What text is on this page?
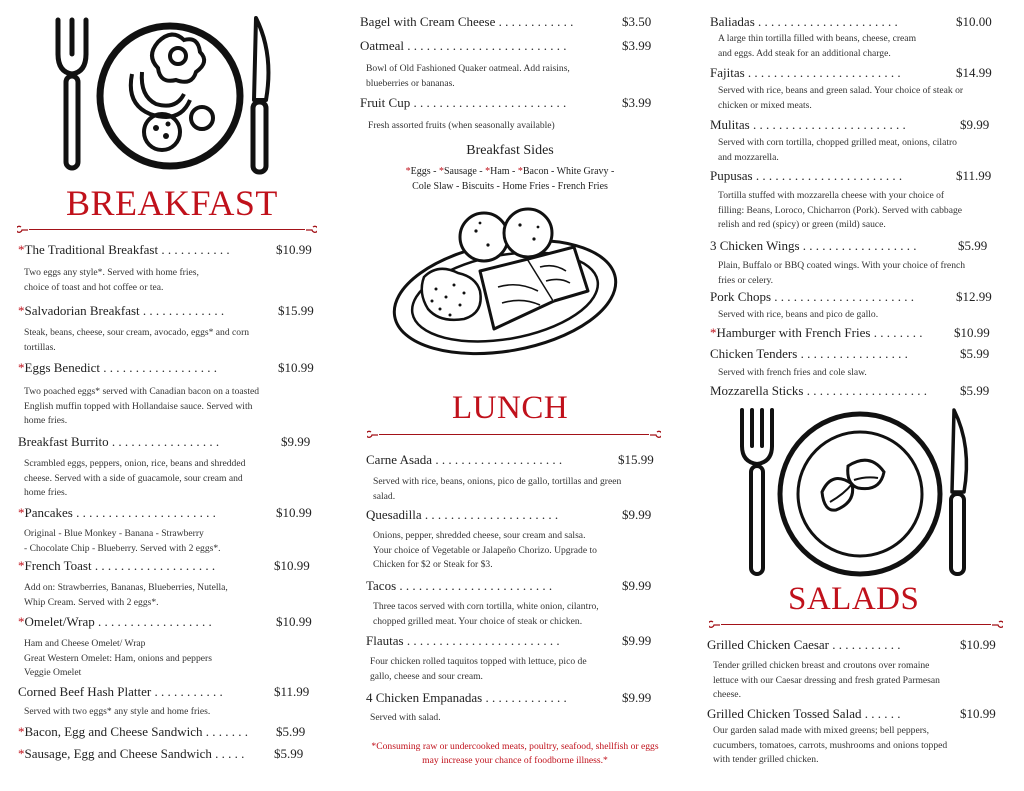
BREAKFAST
*The Traditional Breakfast . . . . . . . . . . .	$10.99
Two eggs any style*. Served with home fries,
choice of toast and hot coffee or tea.
*Salvadorian Breakfast . . . . . . . . . . . . .	$15.99
Steak, beans, cheese, sour cream, avocado, eggs* and corn
tortillas.
*Eggs Benedict . . . . . . . . . . . . . . . . . .	$10.99
Two poached eggs* served with Canadian bacon on a toasted
English muffin topped with Hollandaise sauce. Served with
home fries.
Breakfast Burrito . . . . . . . . . . . . . . . . .	$9.99
Scrambled eggs, peppers, onion, rice, beans and shredded
cheese. Served with a side of guacamole, sour cream and
home fries.
*Pancakes . . . . . . . . . . . . . . . . . . . . . .	$10.99
Original - Blue Monkey - Banana - Strawberry
- Chocolate Chip - Blueberry. Served with 2 eggs*.
*French Toast . . . . . . . . . . . . . . . . . . .	$10.99
Add on: Strawberries, Bananas, Blueberries, Nutella,
Whip Cream. Served with 2 eggs*.
*Omelet/Wrap . . . . . . . . . . . . . . . . . .	$10.99
Ham and Cheese Omelet/ Wrap
Great Western Omelet: Ham, onions and peppers
Veggie Omelet
Corned Beef Hash Platter . . . . . . . . . . .	$11.99
Served with two eggs* any style and home fries.
*Bacon, Egg and Cheese Sandwich . . . . . . . $5.99
*Sausage, Egg and Cheese Sandwich . . . . . $5.99
Bagel with Cream Cheese . . . . . . . . . . . .	$3.50
Oatmeal . . . . . . . . . . . . . . . . . . . . . . . . .	$3.99
Bowl of Old Fashioned Quaker oatmeal. Add raisins,
blueberries or bananas.
Fruit Cup . . . . . . . . . . . . . . . . . . . . . . . .	$3.99
Fresh assorted fruits (when seasonally available)
Breakfast Sides
*Eggs - *Sausage - *Ham - *Bacon - White Gravy -
Cole Slaw - Biscuits - Home Fries - French Fries
LUNCH
Carne Asada . . . . . . . . . . . . . . . . . . . .	$15.99
Served with rice, beans, onions, pico de gallo, tortillas and green
salad.
Quesadilla . . . . . . . . . . . . . . . . . . . . .	$9.99
Onions, pepper, shredded cheese, sour cream and salsa.
Your choice of Vegetable or Jalapeño Chorizo. Upgrade to
Chicken for $2 or Steak for $3.
Tacos . . . . . . . . . . . . . . . . . . . . . . . .	$9.99
Three tacos served with corn tortilla, white onion, cilantro,
chopped grilled meat. Your choice of steak or chicken.
Flautas . . . . . . . . . . . . . . . . . . . . . . . .	$9.99
Four chicken rolled taquitos topped with lettuce, pico de
gallo, cheese and sour cream.
4 Chicken Empanadas . . . . . . . . . . . . .	$9.99
Served with salad.
*Consuming raw or undercooked meats, poultry, seafood, shellfish or eggs
may increase your chance of foodborne illness.*
Baliadas . . . . . . . . . . . . . . . . . . . . . .	$10.00
A large thin tortilla filled with beans, cheese, cream
and eggs. Add steak for an additional charge.
Fajitas . . . . . . . . . . . . . . . . . . . . . . . .	$14.99
Served with rice, beans and green salad. Your choice of steak or
chicken or mixed meats.
Mulitas . . . . . . . . . . . . . . . . . . . . . . . .	$9.99
Served with corn tortilla, chopped grilled meat, onions, cilatro
and mozzarella.
Pupusas . . . . . . . . . . . . . . . . . . . . . . .	$11.99
Tortilla stuffed with mozzarella cheese with your choice of
filling: Beans, Loroco, Chicharron (Pork). Served with cabbage
relish and red (spicy) or green (mild) sauce.
3 Chicken Wings . . . . . . . . . . . . . . . . . .	$5.99
Plain, Buffalo or BBQ coated wings. With your choice of french
fries or celery.
Pork Chops . . . . . . . . . . . . . . . . . . . . . .	$12.99
Served with rice, beans and pico de gallo.
*Hamburger with French Fries . . . . . . . . $10.99
Chicken Tenders . . . . . . . . . . . . . . . . .	$5.99
Served with french fries and cole slaw.
Mozzarella Sticks . . . . . . . . . . . . . . . . . . .	$5.99
SALADS
Grilled Chicken Caesar . . . . . . . . . . .	$10.99
Tender grilled chicken breast and croutons over romaine
lettuce with our Caesar dressing and fresh grated Parmesan
cheese.
Grilled Chicken Tossed Salad . . . . . .	$10.99
Our garden salad made with mixed greens; bell peppers,
cucumbers, tomatoes, carrots, mushrooms and onions topped
with tender grilled chicken.
